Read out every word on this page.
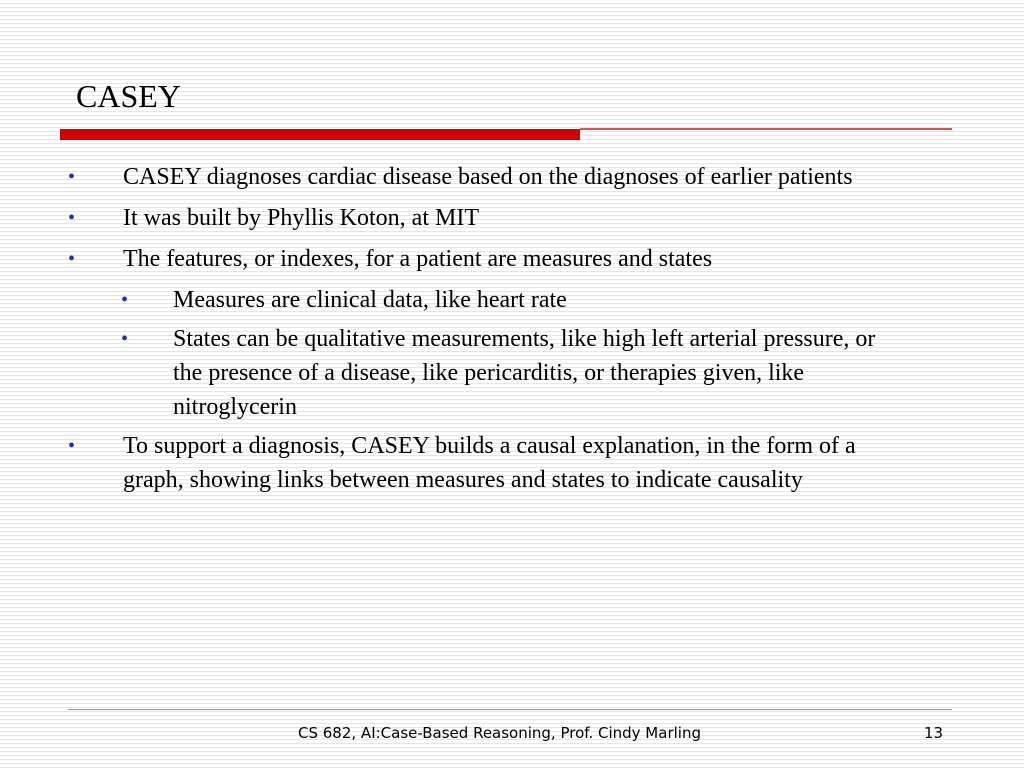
CASEY
• CASEY diagnoses cardiac disease based on the diagnoses of earlier patients
• It was built by Phyllis Koton, at MIT
• The features, or indexes, for a patient are measures and states
• Measures are clinical data, like heart rate
• States can be qualitative measurements, like high left arterial pressure, or the presence of a disease, like pericarditis, or therapies given, like nitroglycerin
• To support a diagnosis, CASEY builds a causal explanation, in the form of a graph, showing links between measures and states to indicate causality
CS 682, AI:Case-Based Reasoning, Prof. Cindy Marling	13
